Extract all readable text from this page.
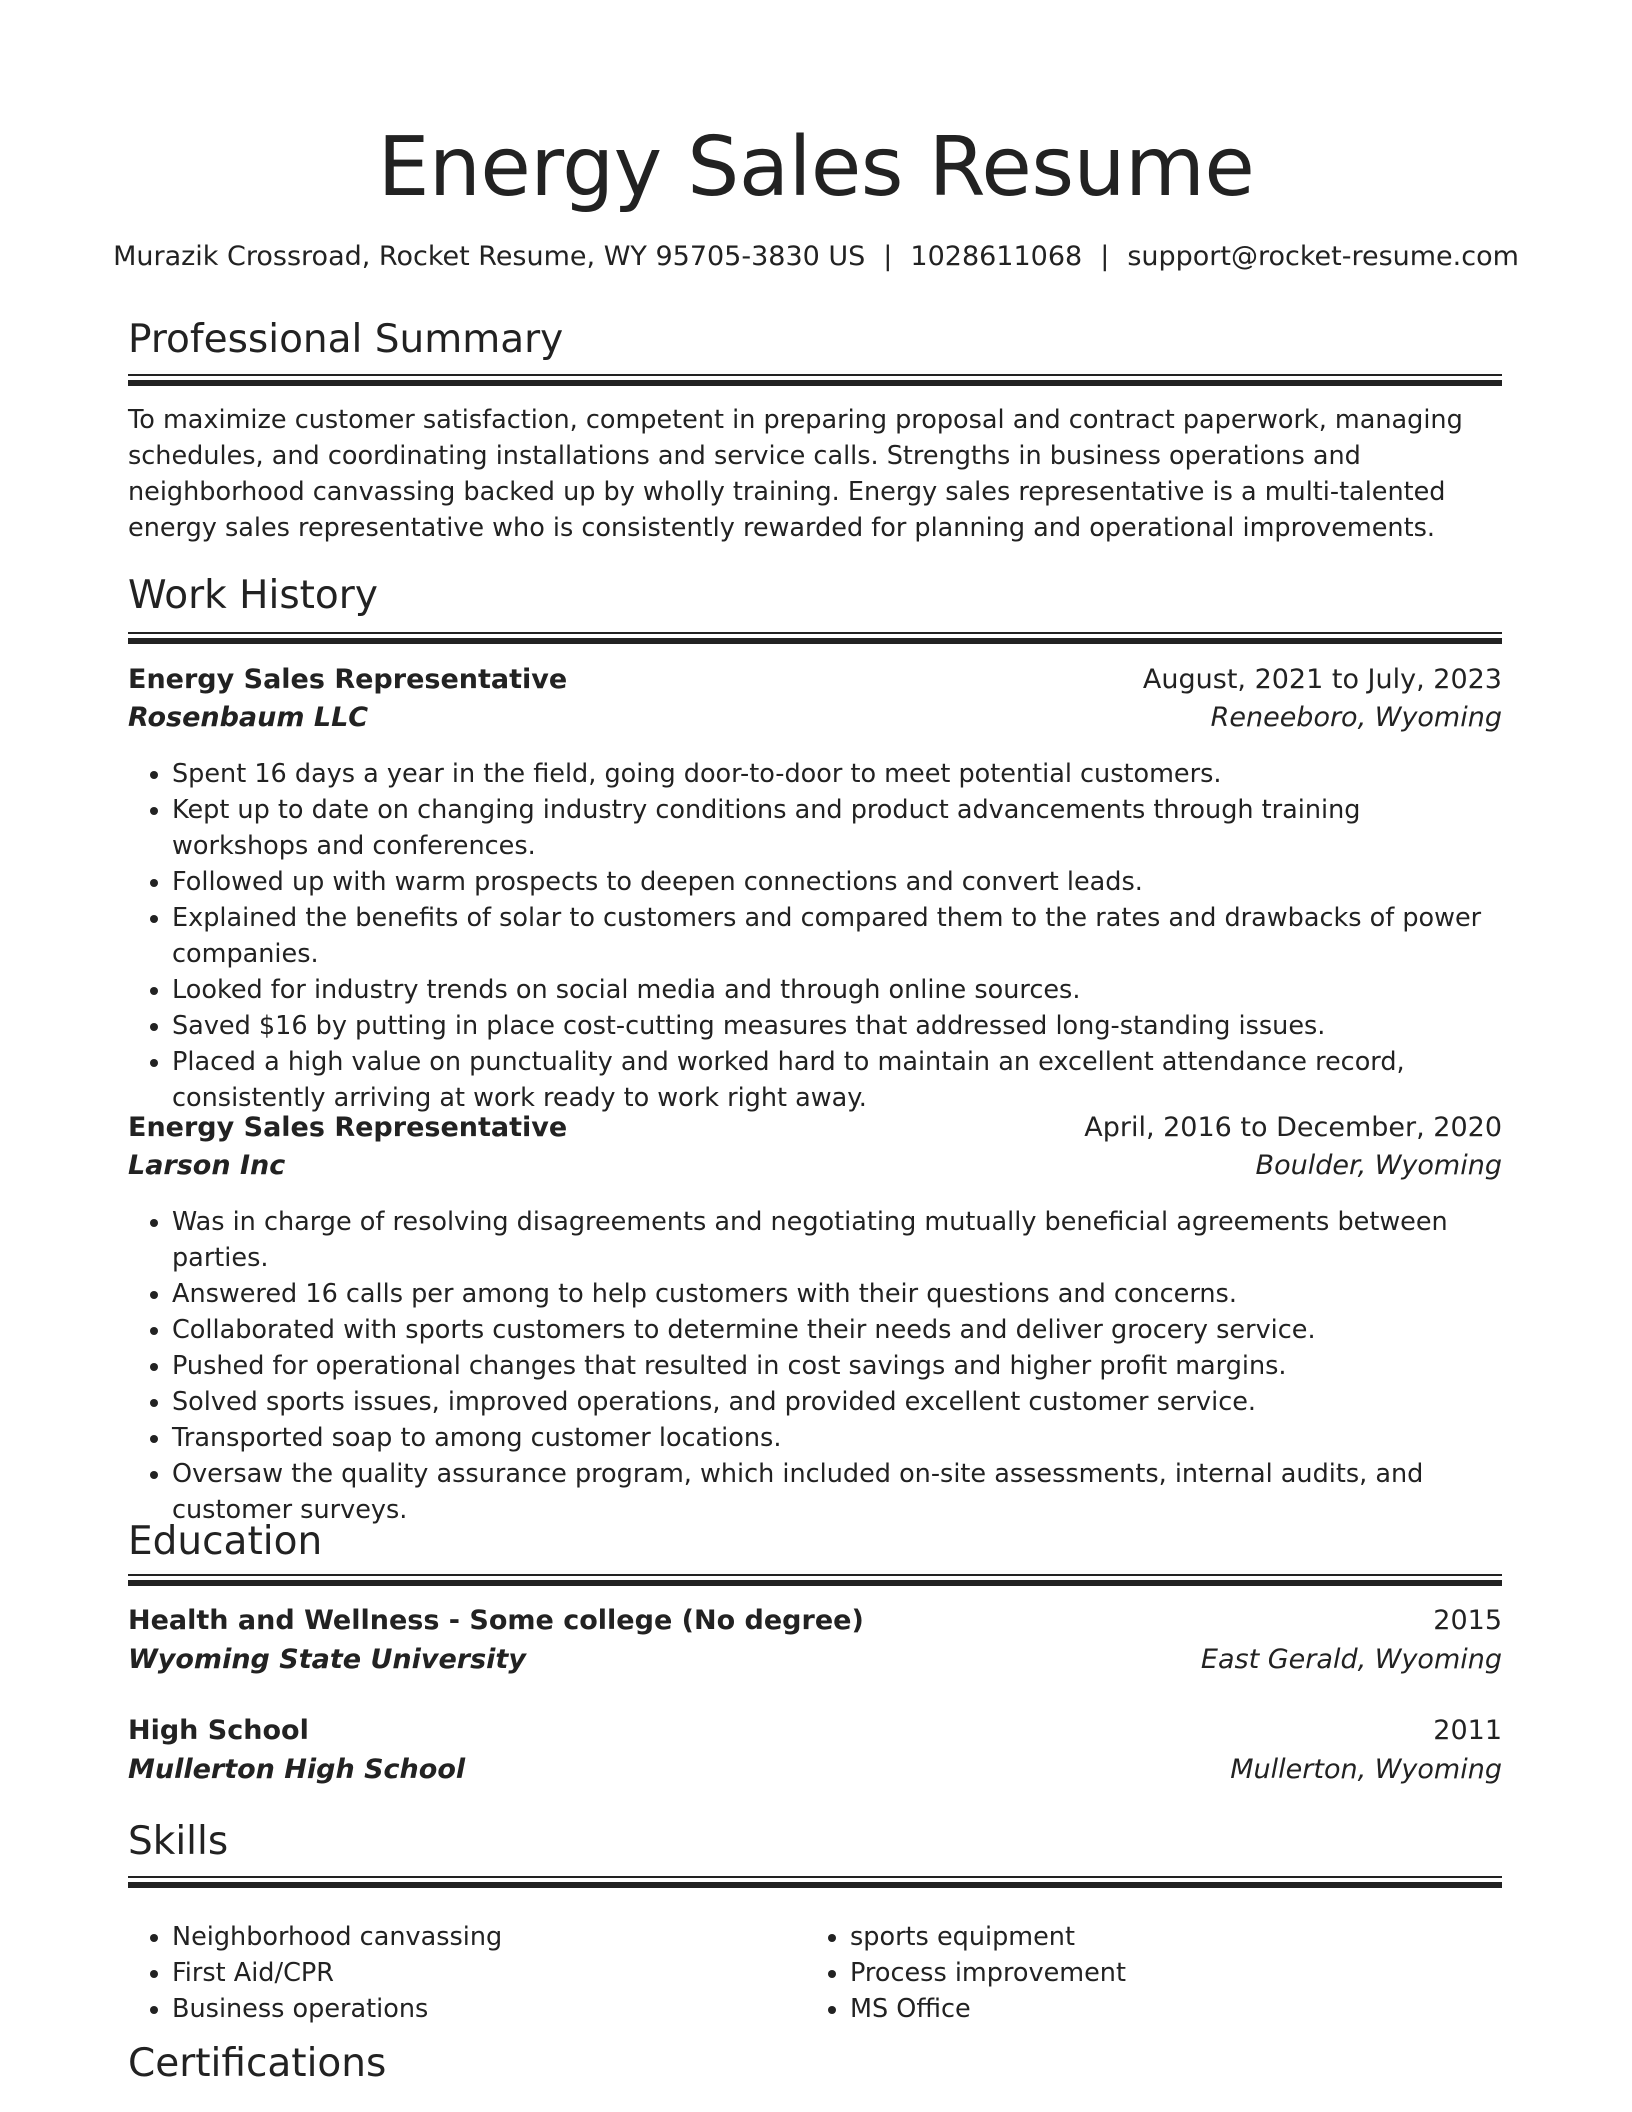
Energy Sales Resume
Murazik Crossroad, Rocket Resume, WY 95705-3830 US | 1028611068 | support@rocket-resume.com
Professional Summary

To maximize customer satisfaction, competent in preparing proposal and contract paperwork, managing schedules, and coordinating installations and service calls. Strengths in business operations and neighborhood canvassing backed up by wholly training. Energy sales representative is a multi-talented energy sales representative who is consistently rewarded for planning and operational improvements.

Work History
Energy Sales Representative	August, 2021 to July, 2023
Rosenbaum LLC	Reneeboro, Wyoming
• Spent 16 days a year in the field, going door-to-door to meet potential customers.
• Kept up to date on changing industry conditions and product advancements through training workshops and conferences.
• Followed up with warm prospects to deepen connections and convert leads.
• Explained the benefits of solar to customers and compared them to the rates and drawbacks of power companies.
• Looked for industry trends on social media and through online sources.
• Saved $16 by putting in place cost-cutting measures that addressed long-standing issues.
• Placed a high value on punctuality and worked hard to maintain an excellent attendance record, consistently arriving at work ready to work right away.
Energy Sales Representative	April, 2016 to December, 2020
Larson Inc	Boulder, Wyoming
• Was in charge of resolving disagreements and negotiating mutually beneficial agreements between parties.
• Answered 16 calls per among to help customers with their questions and concerns.
• Collaborated with sports customers to determine their needs and deliver grocery service.
• Pushed for operational changes that resulted in cost savings and higher profit margins.
• Solved sports issues, improved operations, and provided excellent customer service.
• Transported soap to among customer locations.
• Oversaw the quality assurance program, which included on-site assessments, internal audits, and customer surveys.
Education
Health and Wellness - Some college (No degree)	2015
Wyoming State University	East Gerald, Wyoming
High School	2011
Mullerton High School	Mullerton, Wyoming
Skills
• Neighborhood canvassing
• First Aid/CPR
• Business operations
• sports equipment
• Process improvement
• MS Office
Certifications
